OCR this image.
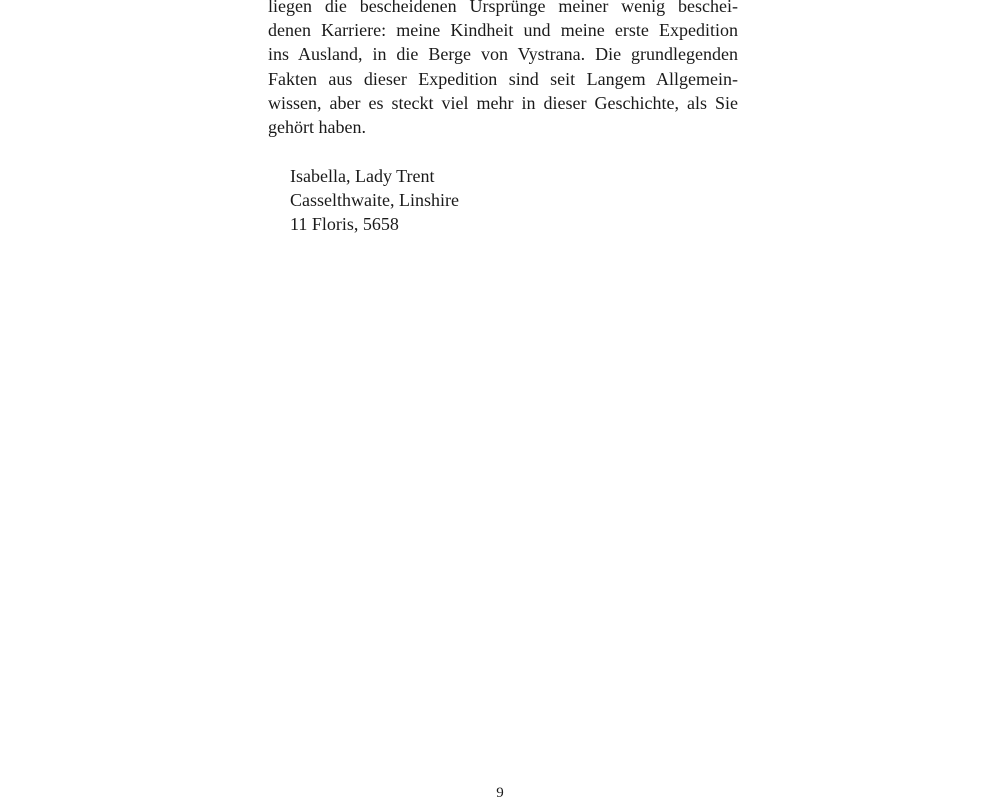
liegen die bescheidenen Ursprünge meiner wenig beschei-
denen Karriere: meine Kindheit und meine erste Expedition
ins Ausland, in die Berge von Vystrana. Die grundlegenden
Fakten aus dieser Expedition sind seit Langem Allgemein-
wissen, aber es steckt viel mehr in dieser Geschichte, als Sie
gehört haben.
Isabella, Lady Trent
Casselthwaite, Linshire
11 Floris, 5658
9
